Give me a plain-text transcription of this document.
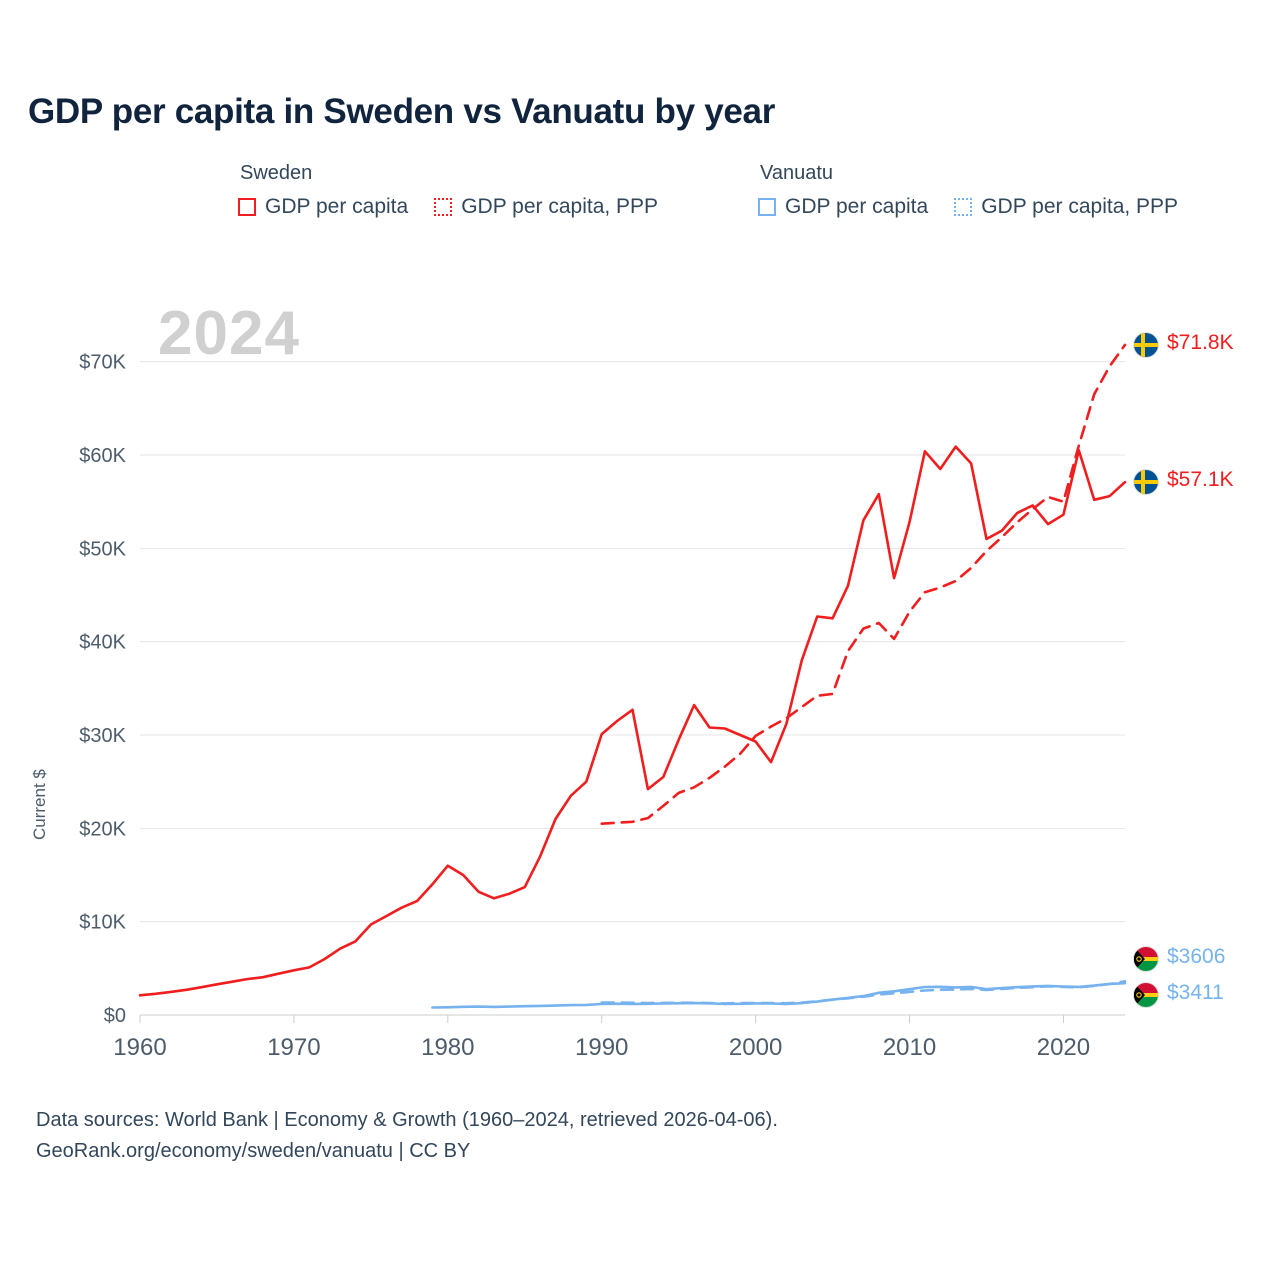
GDP per capita in Sweden vs Vanuatu by year
Sweden
GDP per capita	GDP per capita, PPP
Vanuatu
GDP per capita	GDP per capita, PPP
Current $
2024
$0
$10K
$20K
$30K
$40K
$50K
$60K
$70K
1960	1970	1980	1990	2000	2010	2020
$71.8K
$57.1K
$3606
$3411
Data sources: World Bank | Economy & Growth (1960–2024, retrieved 2026-04-06).
GeoRank.org/economy/sweden/vanuatu | CC BY
